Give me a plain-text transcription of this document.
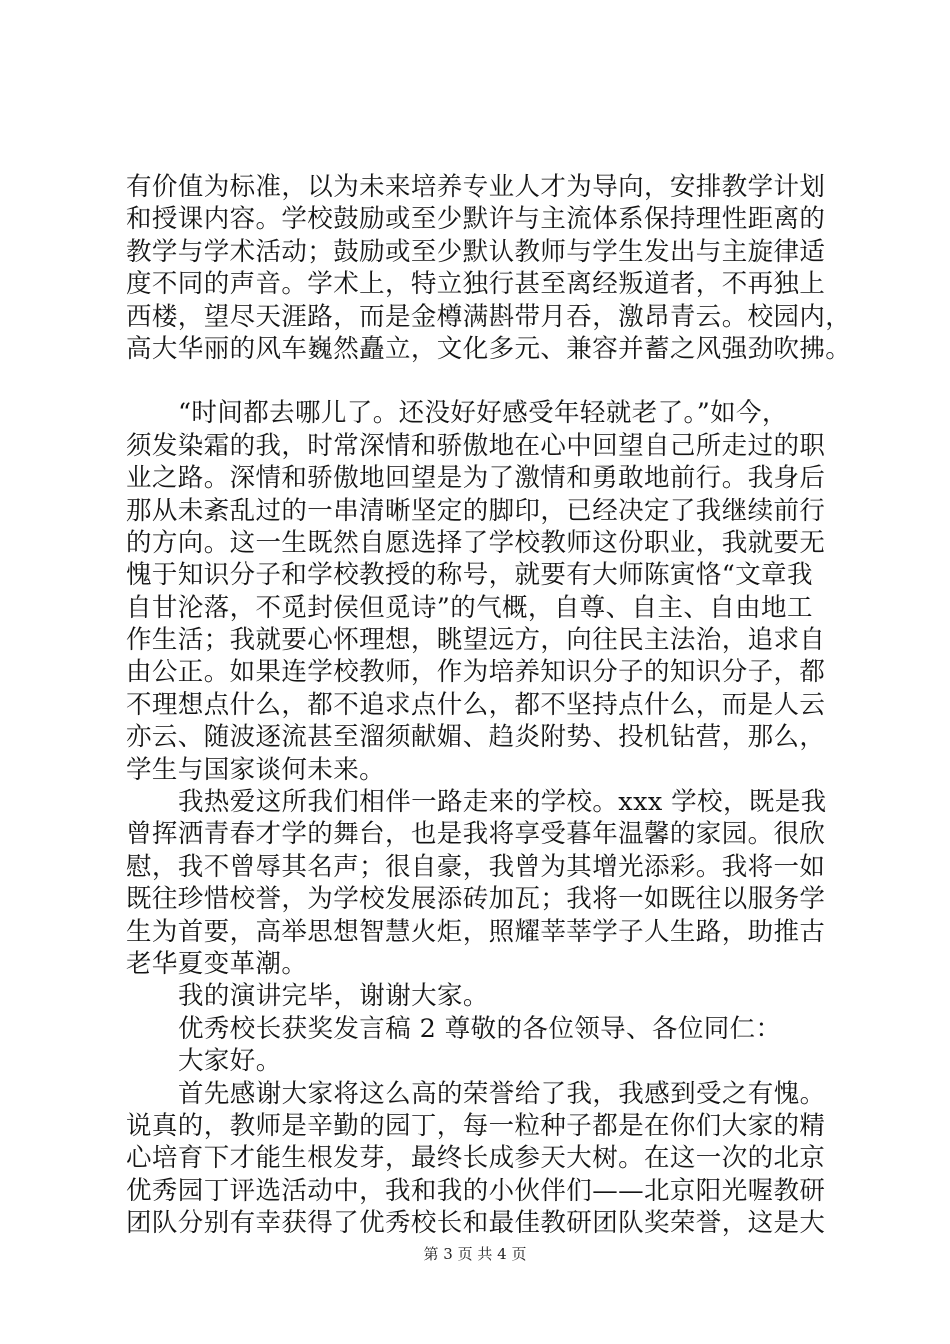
有价值为标准，以为未来培养专业人才为导向，安排教学计划
和授课内容。学校鼓励或至少默许与主流体系保持理性距离的
教学与学术活动；鼓励或至少默认教师与学生发出与主旋律适
度不同的声音。学术上，特立独行甚至离经叛道者，不再独上
西楼，望尽天涯路，而是金樽满斟带月吞，激昂青云。校园内，
高大华丽的风车巍然矗立，文化多元、兼容并蓄之风强劲吹拂。
“时间都去哪儿了。还没好好感受年轻就老了。”如今，
须发染霜的我，时常深情和骄傲地在心中回望自己所走过的职
业之路。深情和骄傲地回望是为了激情和勇敢地前行。我身后
那从未紊乱过的一串清晰坚定的脚印，已经决定了我继续前行
的方向。这一生既然自愿选择了学校教师这份职业，我就要无
愧于知识分子和学校教授的称号，就要有大师陈寅恪“文章我
自甘沦落，不觅封侯但觅诗”的气概，自尊、自主、自由地工
作生活；我就要心怀理想，眺望远方，向往民主法治，追求自
由公正。如果连学校教师，作为培养知识分子的知识分子，都
不理想点什么，都不追求点什么，都不坚持点什么，而是人云
亦云、随波逐流甚至溜须献媚、趋炎附势、投机钻营，那么，
学生与国家谈何未来。
我热爱这所我们相伴一路走来的学校。xxx 学校，既是我
曾挥洒青春才学的舞台，也是我将享受暮年温馨的家园。很欣
慰，我不曾辱其名声；很自豪，我曾为其增光添彩。我将一如
既往珍惜校誉，为学校发展添砖加瓦；我将一如既往以服务学
生为首要，高举思想智慧火炬，照耀莘莘学子人生路，助推古
老华夏变革潮。
我的演讲完毕，谢谢大家。
优秀校长获奖发言稿 2 尊敬的各位领导、各位同仁：
大家好。
首先感谢大家将这么高的荣誉给了我，我感到受之有愧。
说真的，教师是辛勤的园丁，每一粒种子都是在你们大家的精
心培育下才能生根发芽，最终长成参天大树。在这一次的北京
优秀园丁评选活动中，我和我的小伙伴们——北京阳光喔教研
团队分别有幸获得了优秀校长和最佳教研团队奖荣誉，这是大
第 3 页 共 4 页
